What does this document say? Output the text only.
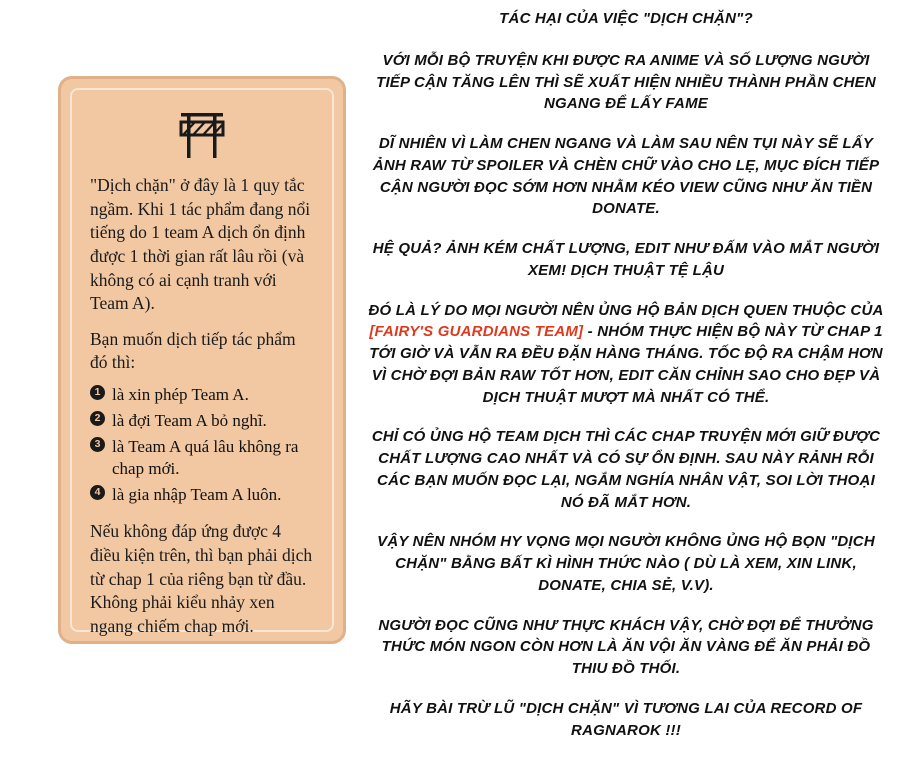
"Dịch chặn" ở đây là 1 quy tắc ngầm. Khi 1 tác phẩm đang nổi tiếng do 1 team A dịch ổn định được 1 thời gian rất lâu rồi (và không có ai cạnh tranh với Team A).

Bạn muốn dịch tiếp tác phẩm đó thì:

1 là xin phép Team A.
2 là đợi Team A bỏ nghĩ.
3 là Team A quá lâu không ra chap mới.
4 là gia nhập Team A luôn.

Nếu không đáp ứng được 4 điều kiện trên, thì bạn phải dịch từ chap 1 của riêng bạn từ đầu. Không phải kiểu nhảy xen ngang chiếm chap mới.

TÁC HẠI CỦA VIỆC "DỊCH CHẶN"?
VỚI MỖI BỘ TRUYỆN KHI ĐƯỢC RA ANIME VÀ SỐ LƯỢNG NGƯỜI TIẾP CẬN TĂNG LÊN THÌ SẼ XUẤT HIỆN NHIỀU THÀNH PHẦN CHEN NGANG ĐỂ LẤY FAME
DĨ NHIÊN VÌ LÀM CHEN NGANG VÀ LÀM SAU NÊN TỤI NÀY SẼ LẤY ẢNH RAW TỪ SPOILER VÀ CHÈN CHỮ VÀO CHO LẸ, MỤC ĐÍCH TIẾP CẬN NGƯỜI ĐỌC SỚM HƠN NHẰM KÉO VIEW CŨNG NHƯ ĂN TIỀN DONATE.
HỆ QUẢ? ẢNH KÉM CHẤT LƯỢNG, EDIT NHƯ ĐẤM VÀO MẮT NGƯỜI XEM! DỊCH THUẬT TỆ LẬU
ĐÓ LÀ LÝ DO MỌI NGƯỜI NÊN ỦNG HỘ BẢN DỊCH QUEN THUỘC CỦA
[FAIRY'S GUARDIANS TEAM] - NHÓM THỰC HIỆN BỘ NÀY TỪ CHAP 1 TỚI GIỜ VÀ VẪN RA ĐỀU ĐẶN HÀNG THÁNG. TỐC ĐỘ RA CHẬM HƠN VÌ CHỜ ĐỢI BẢN RAW TỐT HƠN, EDIT CĂN CHỈNH SAO CHO ĐẸP VÀ DỊCH THUẬT MƯỢT MÀ NHẤT CÓ THỂ.
CHỈ CÓ ỦNG HỘ TEAM DỊCH THÌ CÁC CHAP TRUYỆN MỚI GIỮ ĐƯỢC CHẤT LƯỢNG CAO NHẤT VÀ CÓ SỰ ỔN ĐỊNH. SAU NÀY RẢNH RỖI CÁC BẠN MUỐN ĐỌC LẠI, NGẮM NGHÍA NHÂN VẬT, SOI LỜI THOẠI NÓ ĐÃ MẮT HƠN.
VẬY NÊN NHÓM HY VỌNG MỌI NGƯỜI KHÔNG ỦNG HỘ BỌN "DỊCH CHẶN" BẰNG BẤT KÌ HÌNH THỨC NÀO ( DÙ LÀ XEM, XIN LINK, DONATE, CHIA SẺ, V.V).
NGƯỜI ĐỌC CŨNG NHƯ THỰC KHÁCH VẬY, CHỜ ĐỢI ĐỂ THƯỞNG THỨC MÓN NGON CÒN HƠN LÀ ĂN VỘI ĂN VÀNG ĐỂ ĂN PHẢI ĐỒ THIU ĐỒ THỐI.
HÃY BÀI TRỪ LŨ "DỊCH CHẶN" VÌ TƯƠNG LAI CỦA RECORD OF RAGNAROK !!!
